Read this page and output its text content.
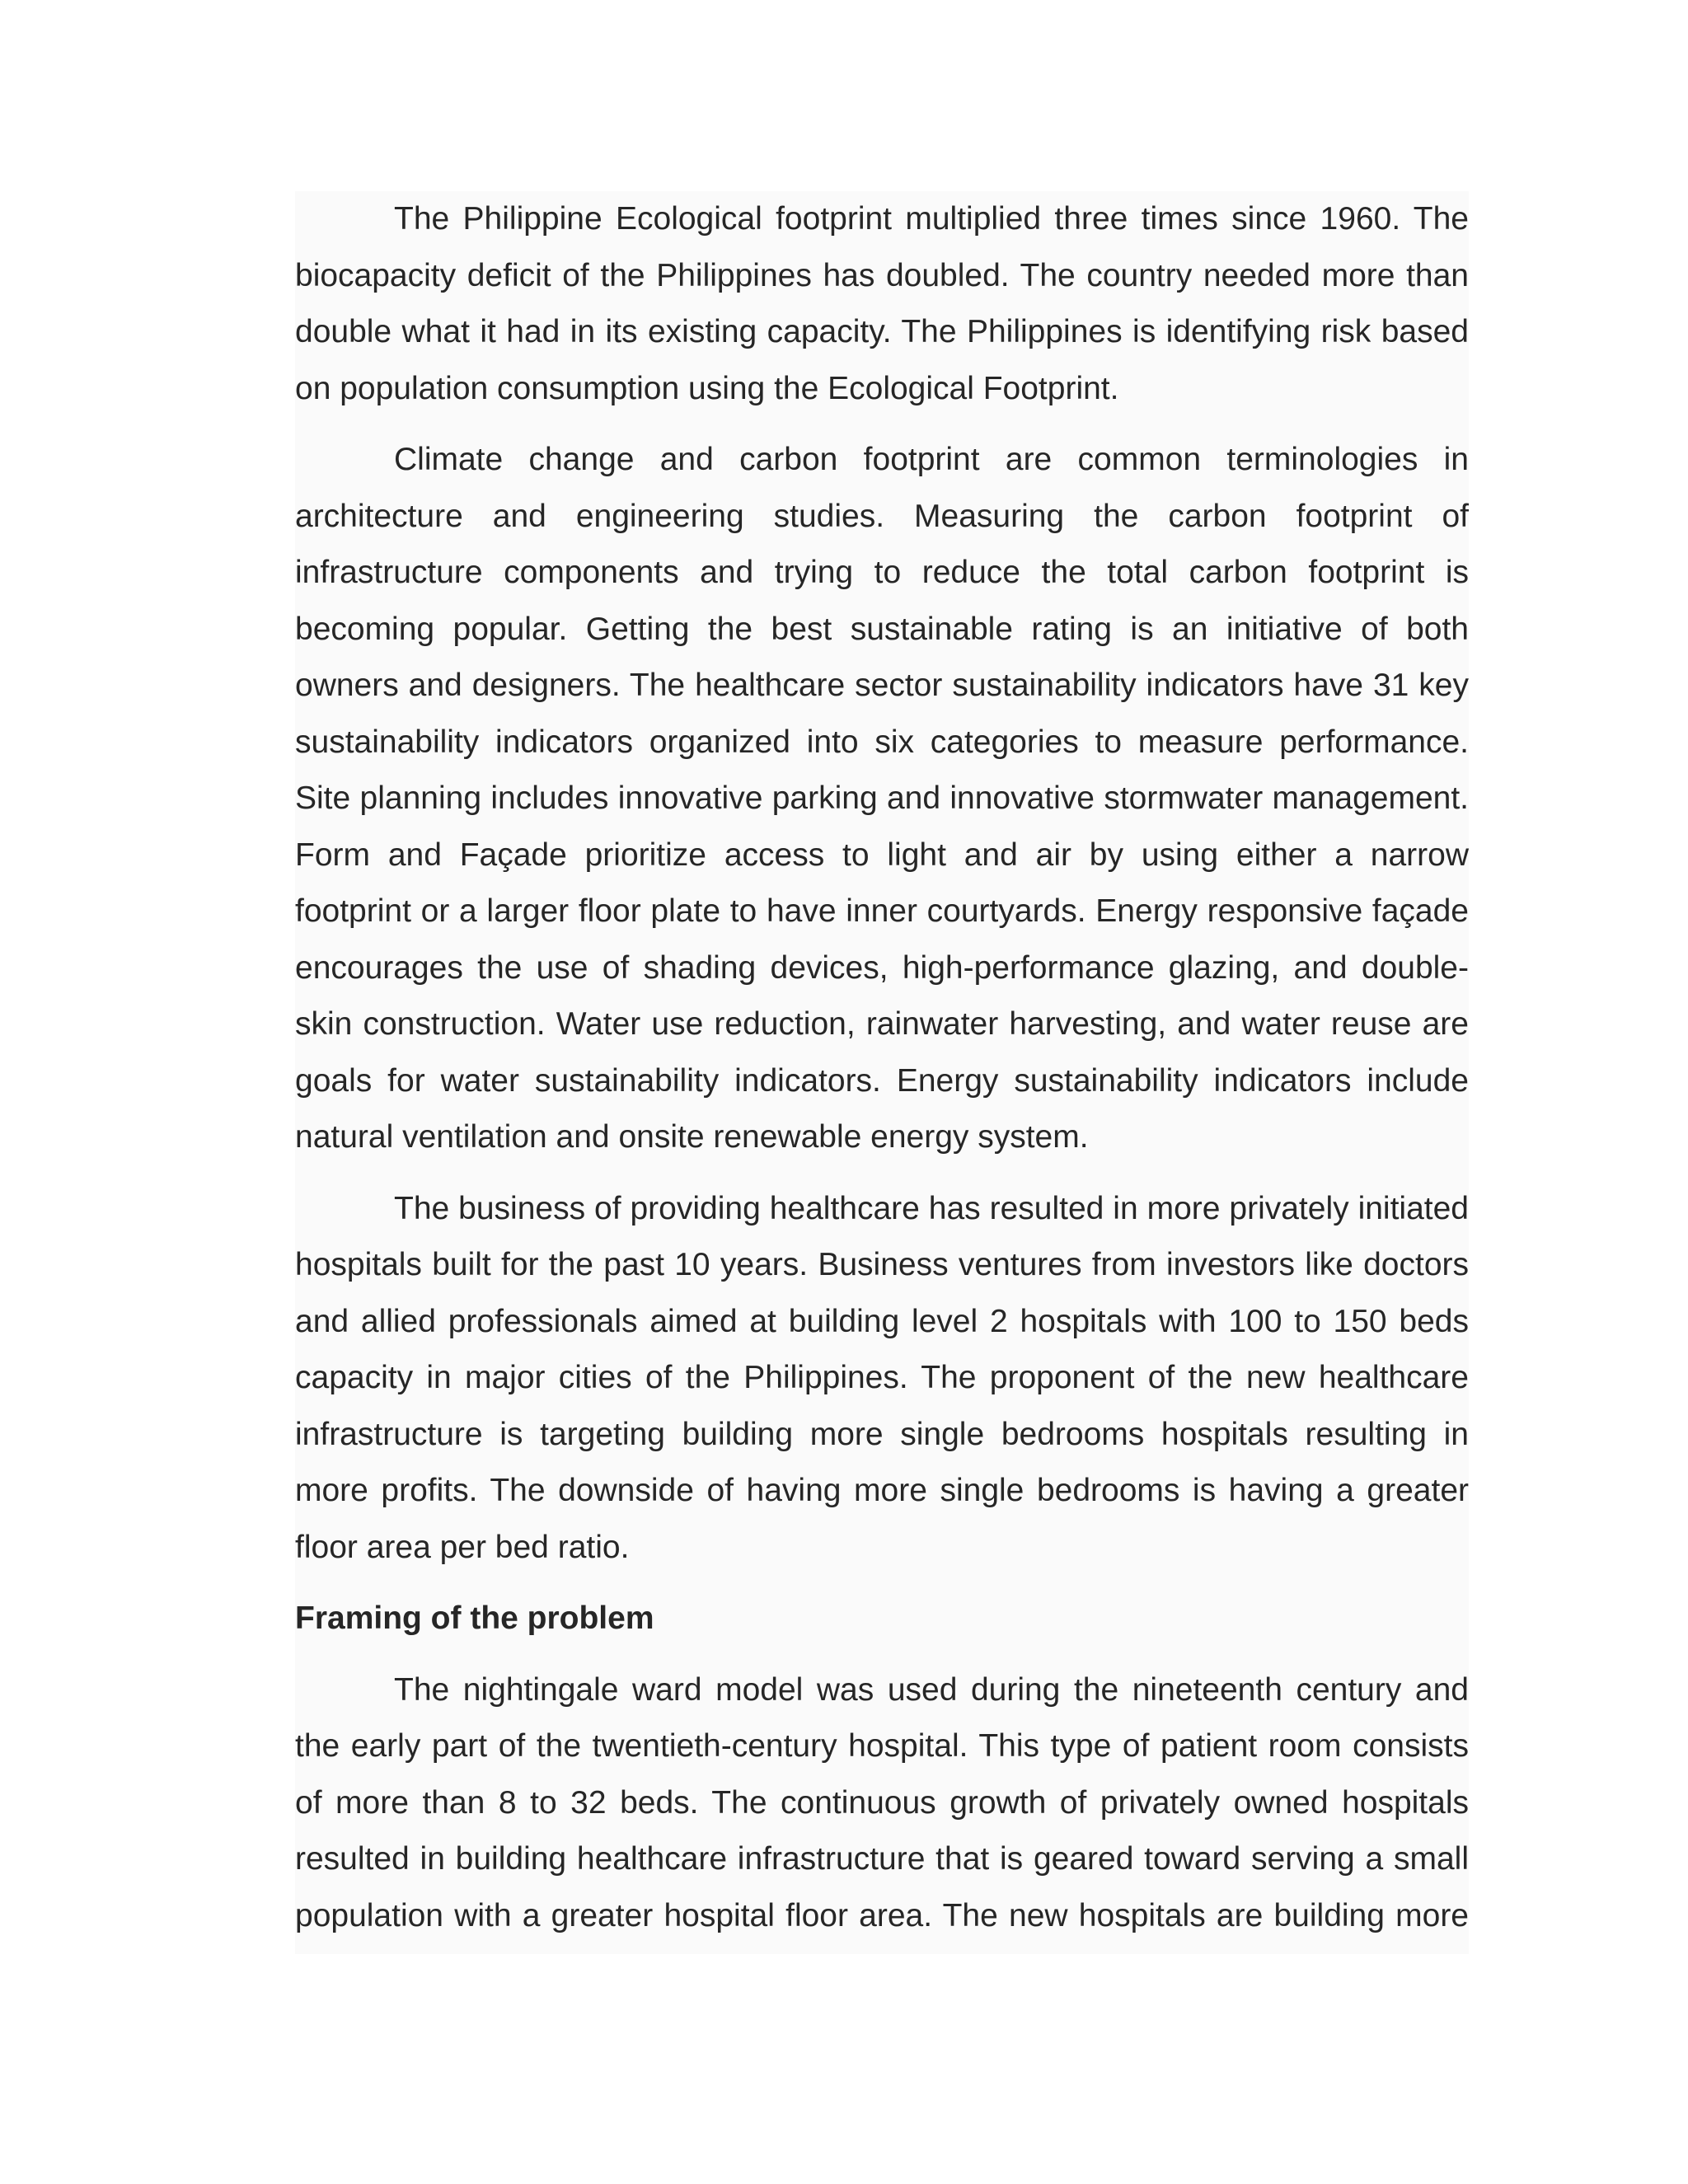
The Philippine Ecological footprint multiplied three times since 1960. The biocapacity deficit of the Philippines has doubled. The country needed more than double what it had in its existing capacity. The Philippines is identifying risk based on population consumption using the Ecological Footprint.

Climate change and carbon footprint are common terminologies in architecture and engineering studies. Measuring the carbon footprint of infrastructure components and trying to reduce the total carbon footprint is becoming popular. Getting the best sustainable rating is an initiative of both owners and designers. The healthcare sector sustainability indicators have 31 key sustainability indicators organized into six categories to measure performance. Site planning includes innovative parking and innovative stormwater management. Form and Façade prioritize access to light and air by using either a narrow footprint or a larger floor plate to have inner courtyards. Energy responsive façade encourages the use of shading devices, high-performance glazing, and double-skin construction. Water use reduction, rainwater harvesting, and water reuse are goals for water sustainability indicators. Energy sustainability indicators include natural ventilation and onsite renewable energy system.

The business of providing healthcare has resulted in more privately initiated hospitals built for the past 10 years. Business ventures from investors like doctors and allied professionals aimed at building level 2 hospitals with 100 to 150 beds capacity in major cities of the Philippines. The proponent of the new healthcare infrastructure is targeting building more single bedrooms hospitals resulting in more profits. The downside of having more single bedrooms is having a greater floor area per bed ratio.

Framing of the problem

The nightingale ward model was used during the nineteenth century and the early part of the twentieth-century hospital. This type of patient room consists of more than 8 to 32 beds. The continuous growth of privately owned hospitals resulted in building healthcare infrastructure that is geared toward serving a small population with a greater hospital floor area. The new hospitals are building more
